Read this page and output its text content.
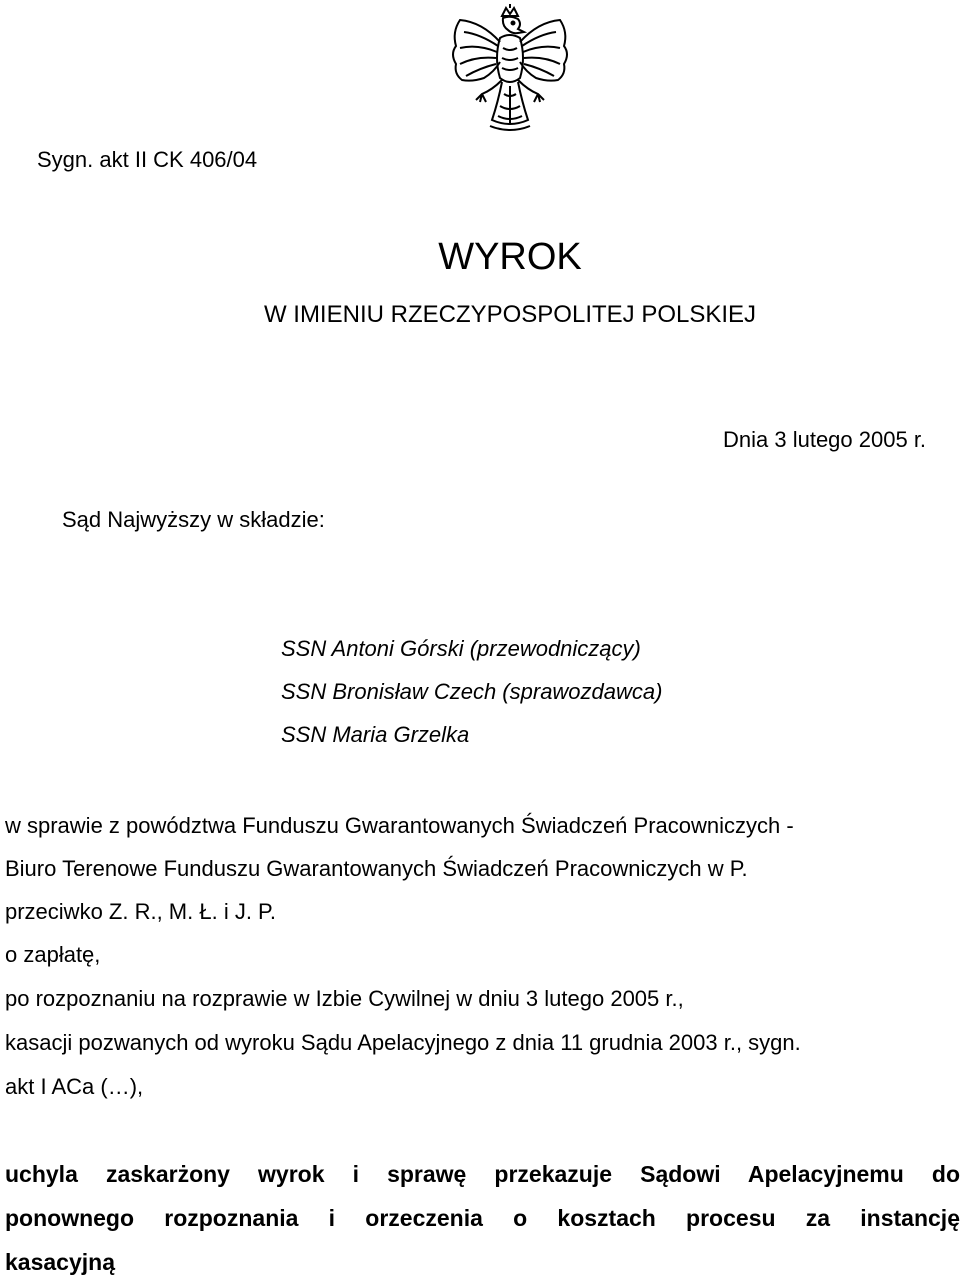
Sygn. akt II CK 406/04
WYROK
W IMIENIU RZECZYPOSPOLITEJ POLSKIEJ
Dnia 3 lutego 2005 r.
Sąd Najwyższy w składzie:
SSN Antoni Górski (przewodniczący)
SSN Bronisław Czech (sprawozdawca)
SSN Maria Grzelka
w sprawie z powództwa Funduszu Gwarantowanych Świadczeń Pracowniczych -
Biuro Terenowe Funduszu Gwarantowanych Świadczeń Pracowniczych w P.
przeciwko Z. R., M. Ł. i J. P.
o zapłatę,
po rozpoznaniu na rozprawie w Izbie Cywilnej w dniu 3 lutego 2005 r.,
kasacji pozwanych od wyroku Sądu Apelacyjnego z dnia 11 grudnia 2003 r., sygn.
akt I ACa (…),
uchyla zaskarżony wyrok i sprawę przekazuje Sądowi Apelacyjnemu do
ponownego rozpoznania i orzeczenia o kosztach procesu za instancję
kasacyjną
